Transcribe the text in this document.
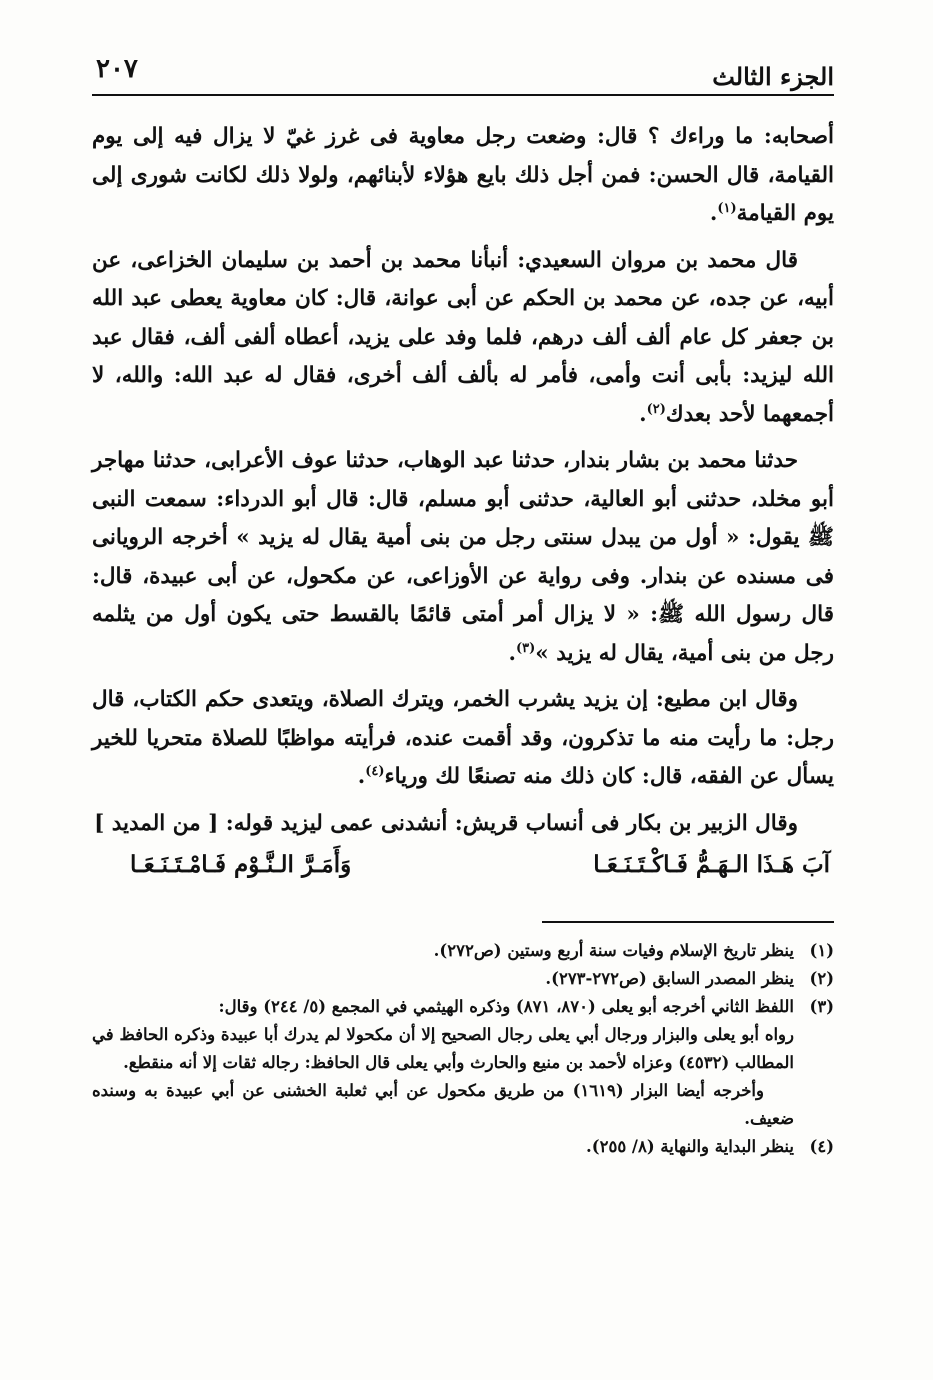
الجزء الثالث
٢٠٧

أصحابه: ما وراءك ؟ قال: وضعت رجل معاوية فى غرز غيّ لا يزال فيه إلى يوم القيامة، قال الحسن: فمن أجل ذلك بايع هؤلاء لأبنائهم، ولولا ذلك لكانت شورى إلى يوم القيامة$^{(١)}$.

قال محمد بن مروان السعيدي: أنبأنا محمد بن أحمد بن سليمان الخزاعى، عن أبيه، عن جده، عن محمد بن الحكم عن أبى عوانة، قال: كان معاوية يعطى عبد الله بن جعفر كل عام ألف ألف درهم، فلما وفد على يزيد، أعطاه ألفى ألف، فقال عبد الله ليزيد: بأبى أنت وأمى، فأمر له بألف ألف أخرى، فقال له عبد الله: والله، لا أجمعهما لأحد بعدك$^{(٢)}$.

حدثنا محمد بن بشار بندار، حدثنا عبد الوهاب، حدثنا عوف الأعرابى، حدثنا مهاجر أبو مخلد، حدثنى أبو العالية، حدثنى أبو مسلم، قال: قال أبو الدرداء: سمعت النبى ﷺ يقول: « أول من يبدل سنتى رجل من بنى أمية يقال له يزيد » أخرجه الرويانى فى مسنده عن بندار. وفى رواية عن الأوزاعى، عن مكحول، عن أبى عبيدة، قال: قال رسول الله ﷺ: « لا يزال أمر أمتى قائمًا بالقسط حتى يكون أول من يثلمه رجل من بنى أمية، يقال له يزيد »$^{(٣)}$.

وقال ابن مطيع: إن يزيد يشرب الخمر، ويترك الصلاة، ويتعدى حكم الكتاب، قال رجل: ما رأيت منه ما تذكرون، وقد أقمت عنده، فرأيته مواظبًا للصلاة متحريا للخير يسأل عن الفقه، قال: كان ذلك منه تصنعًا لك ورياء$^{(٤)}$.

وقال الزبير بن بكار فى أنساب قريش: أنشدنى عمى ليزيد قوله: [ من المديد ]

آبَ هَـذَا الـهَـمُّ فَـاكْـتَـنَـعَـا
وَأَمَـرَّ الـنَّـوْم فَـامْـتَـنَـعَـا
(١)
ينظر تاريخ الإسلام وفيات سنة أربع وستين (ص٢٧٢).
(٢)
ينظر المصدر السابق (ص٢٧٢-٢٧٣).
(٣)
اللفظ الثاني أخرجه أبو يعلى (٨٧٠، ٨٧١) وذكره الهيثمي في المجمع (٥/ ٢٤٤) وقال:
رواه أبو يعلى والبزار ورجال أبي يعلى رجال الصحيح إلا أن مكحولا لم يدرك أبا عبيدة وذكره الحافظ في المطالب (٤٥٣٢) وعزاه لأحمد بن منيع والحارث وأبي يعلى قال الحافظ: رجاله ثقات إلا أنه منقطع.
وأخرجه أيضا البزار (١٦١٩) من طريق مكحول عن أبي ثعلبة الخشنى عن أبي عبيدة به وسنده ضعيف.
(٤)
ينظر البداية والنهاية (٨/ ٢٥٥).
